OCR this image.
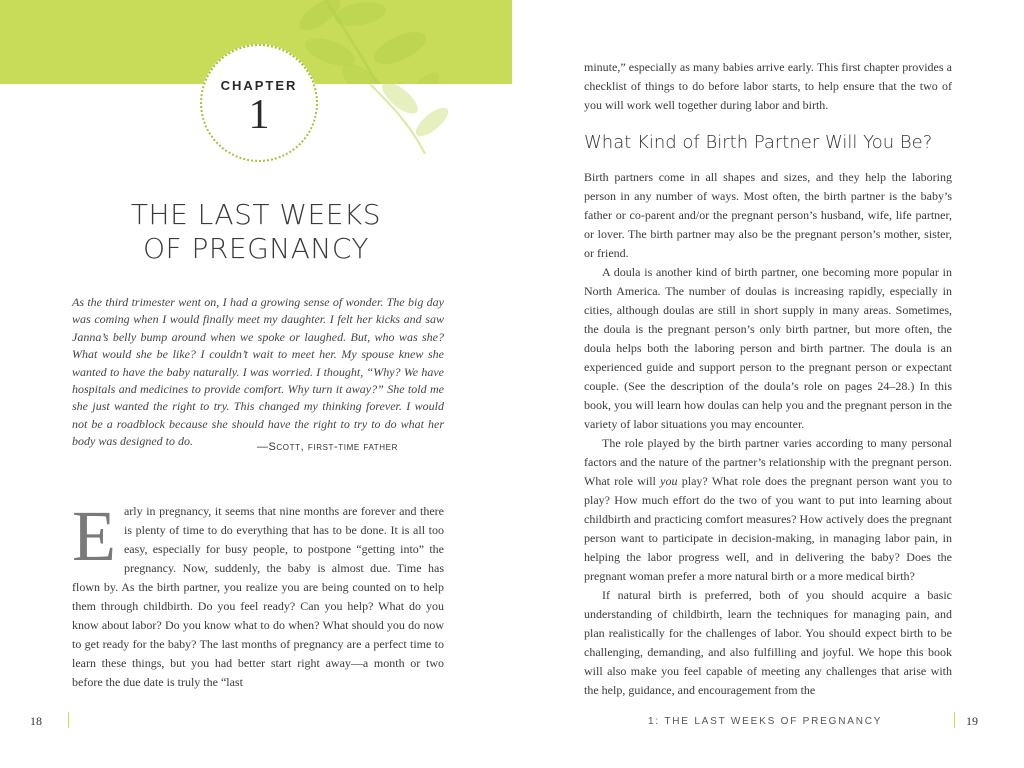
CHAPTER
1
THE LAST WEEKS
OF PREGNANCY
As the third trimester went on, I had a growing sense of wonder. The big day was coming when I would finally meet my daughter. I felt her kicks and saw Janna’s belly bump around when we spoke or laughed. But, who was she? What would she be like? I couldn’t wait to meet her. My spouse knew she wanted to have the baby naturally. I was worried. I thought, “Why? We have hospitals and medicines to provide comfort. Why turn it away?” She told me she just wanted the right to try. This changed my thinking forever. I would not be a roadblock because she should have the right to try to do what her body was designed to do.	—Scott, first-time father
Early in pregnancy, it seems that nine months are forever and there is plenty of time to do everything that has to be done. It is all too easy, especially for busy people, to postpone “getting into” the pregnancy. Now, suddenly, the baby is almost due. Time has flown by. As the birth partner, you realize you are being counted on to help them through childbirth. Do you feel ready? Can you help? What do you know about labor? Do you know what to do when? What should you do now to get ready for the baby? The last months of pregnancy are a perfect time to learn these things, but you had better start right away—a month or two before the due date is truly the “last
18
minute,” especially as many babies arrive early. This first chapter provides a checklist of things to do before labor starts, to help ensure that the two of you will work well together during labor and birth.
What Kind of Birth Partner Will You Be?

Birth partners come in all shapes and sizes, and they help the laboring person in any number of ways. Most often, the birth partner is the baby’s father or co-parent and/or the pregnant person’s husband, wife, life partner, or lover. The birth partner may also be the pregnant person’s mother, sister, or friend.

A doula is another kind of birth partner, one becoming more popular in North America. The number of doulas is increasing rapidly, especially in cities, although doulas are still in short supply in many areas. Sometimes, the doula is the pregnant person’s only birth partner, but more often, the doula helps both the laboring person and birth partner. The doula is an experienced guide and support person to the pregnant person or expectant couple. (See the description of the doula’s role on pages 24–28.) In this book, you will learn how doulas can help you and the pregnant person in the variety of labor situations you may encounter.

The role played by the birth partner varies according to many personal factors and the nature of the partner’s relationship with the pregnant person. What role will you play? What role does the pregnant person want you to play? How much effort do the two of you want to put into learning about childbirth and practicing comfort measures? How actively does the pregnant person want to participate in decision-making, in managing labor pain, in helping the labor progress well, and in delivering the baby? Does the pregnant woman prefer a more natural birth or a more medical birth?

If natural birth is preferred, both of you should acquire a basic understanding of childbirth, learn the techniques for managing pain, and plan realistically for the challenges of labor. You should expect birth to be challenging, demanding, and also fulfilling and joyful. We hope this book will also make you feel capable of meeting any challenges that arise with the help, guidance, and encouragement from the

1: THE LAST WEEKS OF PREGNANCY	19
